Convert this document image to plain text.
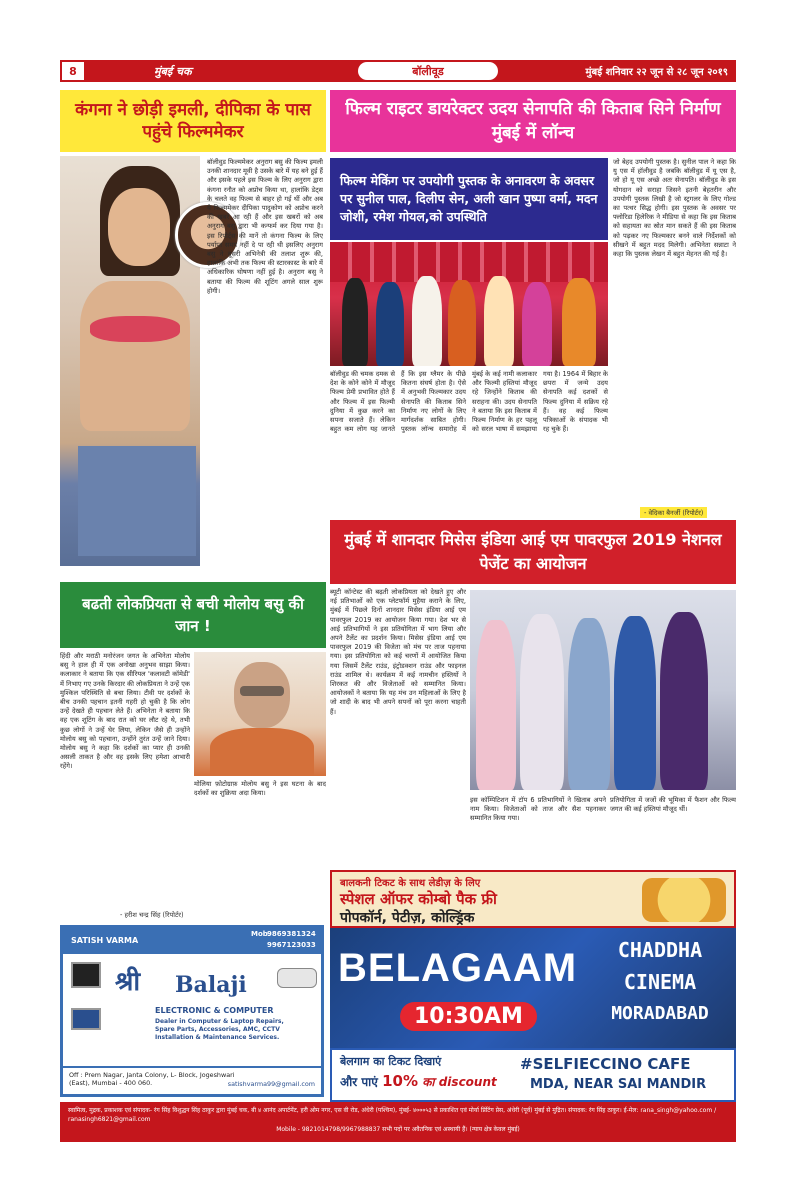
8	मुंबई चक	बॉलीवूड	मुंबई शनिवार २२ जून से २८ जून २०१९
कंगना ने छोड़ी इमली, दीपिका के पास पहुंचे फिल्ममेकर
बॉलीवुड फिल्ममेकर अनुराग बसु की फिल्म इमली उनकी शानदार मूवी है उसके बारे में यह बने हुई हैं और इसके पहले इस फिल्म के लिए अनुराग द्वारा कंगना रनौत को अप्रोच किया था, हालांकि डेट्स के चलते वह फिल्म से बाहर हो गई थीं और अब ये फिल्ममेकर दीपिका पादुकोण को अप्रोच करने की खबरें आ रही हैं और इस खबरों को अब अनुराग बसु द्वारा भी कन्फर्म कर दिया गया है। इस रिपोर्ट्स की मानें तो कंगना फिल्म के लिए पर्याप्त समय नहीं दे पा रही थी इसलिए अनुराग बसु ने दूसरी अभिनेत्री की तलाश शुरू की, हालांकि अभी तक फिल्म की स्टारकास्ट के बारे में अधिकारिक घोषणा नहीं हुई है। अनुराग बसु ने बताया की फिल्म की शूटिंग अगले साल शुरू होगी।
फिल्म राइटर डायरेक्टर उदय सेनापति की किताब सिने निर्माण मुंबई में लॉन्च
फिल्म मेकिंग पर उपयोगी पुस्तक के अनावरण के अवसर पर सुनील पाल, दिलीप सेन, अली खान पुष्पा वर्मा, मदन जोशी, रमेश गोयल,को उपस्थिति
जो बेहद उपयोगी पुस्तक है। सुनील पाल ने कहा कि यु एस में हॉलीवुड है जबकि बॉलीवुड में यू एस है, जो हो यू एस अच्छे अतः सेनापति। बॉलीवुड के इस योगदान को सराहा जिसने इतनी बेहतरीन और उपयोगी पुस्तक लिखी है जो स्ट्रगलर के लिए गोल्ड का पत्थर सिद्ध होगी। इस पुस्तक के अवसर पर फ्लोरिडा हिलेरिक ने मीडिया से कहा कि इस किताब को सहायता का स्रोत मान सकते हैं की इस किताब को पढ़कर नए फिल्मकार बनने वाले निर्देशकों को सीखने में बहुत मदद मिलेगी। अभिनेता सन्नाटा ने कहा कि पुस्तक लेखन में बहुत मेहनत की गई है।
- वेदिका बैनर्जी (रिपोर्टर)
बॉलीवुड की चमक दमक से देश के कोने कोने में मौजूद फिल्म प्रेमी प्रभावित होते हैं और फिल्म में इस फिल्मी दुनिया में कुछ करने का सपना सजाते हैं। लेकिन बहुत कम लोग यह जानते हैं कि इस ग्लैमर के पीछे कितना संघर्ष होता है। ऐसे में अनुभवी फिल्मकार उदय सेनापति की किताब सिने निर्माण नए लोगों के लिए मार्गदर्शक साबित होगी। पुस्तक लॉन्च समारोह में मुंबई के कई नामी कलाकार और फिल्मी हस्तियां मौजूद रहे जिन्होंने किताब की सराहना की। उदय सेनापति ने बताया कि इस किताब में फिल्म निर्माण के हर पहलू को सरल भाषा में समझाया गया है। 1964 में बिहार के छपरा में जन्मे उदय सेनापति कई दशकों से फिल्म दुनिया में सक्रिय रहे हैं। वह कई फिल्म पत्रिकाओं के संपादक भी रह चुके हैं।
मुंबई में शानदार मिसेस इंडिया आई एम पावरफुल 2019 नेशनल पेजेंट का आयोजन
ब्यूटी कॉन्टेस्ट की बढ़ती लोकप्रियता को देखते हुए और नई प्रतिभाओं को एक प्लेटफॉर्म मुहैया कराने के लिए, मुंबई में पिछले दिनों शानदार मिसेस इंडिया आई एम पावरफुल 2019 का आयोजन किया गया। देश भर से आई प्रतिभागियों ने इस प्रतियोगिता में भाग लिया और अपने टैलेंट का प्रदर्शन किया। मिसेस इंडिया आई एम पावरफुल 2019 की विजेता को मंच पर ताज पहनाया गया। इस प्रतियोगिता को कई चरणों में आयोजित किया गया जिसमें टैलेंट राउंड, इंट्रोडक्शन राउंड और फाइनल राउंड शामिल थे। कार्यक्रम में कई नामचीन हस्तियों ने शिरकत की और विजेताओं को सम्मानित किया। आयोजकों ने बताया कि यह मंच उन महिलाओं के लिए है जो शादी के बाद भी अपने सपनों को पूरा करना चाहती हैं।
इस कॉम्पिटिशन में टॉप 6 प्रतिभागियों ने खिताब अपने नाम किया। विजेताओं को ताज और सैश पहनाकर सम्मानित किया गया।
प्रतियोगिता में जजों की भूमिका में फैशन और फिल्म जगत की कई हस्तियां मौजूद थीं।
बढती लोकप्रियता से बची मोलोय बसु की जान !
हिंदी और मराठी मनोरंजन जगत के अभिनेता मोलोय बसु ने हाल ही में एक अनोखा अनुभव साझा किया। कलाकार ने बताया कि एक सीरियल 'कलावटी कॉमेडी' में निभाए गए उनके किरदार की लोकप्रियता ने उन्हें एक मुश्किल परिस्थिति से बचा लिया। टीवी पर दर्शकों के बीच उनकी पहचान इतनी गहरी हो चुकी है कि लोग उन्हें देखते ही पहचान लेते हैं। अभिनेता ने बताया कि वह एक शूटिंग के बाद रात को घर लौट रहे थे, तभी कुछ लोगों ने उन्हें घेर लिया, लेकिन जैसे ही उन्होंने मोलोय बसु को पहचाना, उन्होंने तुरंत उन्हें जाने दिया। मोलोय बसु ने कहा कि दर्शकों का प्यार ही उनकी असली ताकत है और वह इसके लिए हमेशा आभारी रहेंगे।
मोलिया फ़ोटोग्राफ़ मोलोय बसु ने इस घटना के बाद दर्शकों का शुक्रिया अदा किया।
- हरीश चन्द्र सिंह (रिपोर्टर)
SATISH VARMA
Mob.
9869381324
9967123033
श्री Balaji
ELECTRONIC & COMPUTER
Dealer in Computer & Laptop Repairs, Spare Parts, Accessories, AMC, CCTV Installation & Maintenance Services.
Off : Prem Nagar, Janta Colony, L- Block, Jogeshwari (East), Mumbai - 400 060.	satishvarma99@gmail.com
बालकनी टिकट के साथ लेडीज़ के लिए
स्पेशल ऑफर कोम्बो पैक फ्री
पोपकॉर्न, पेटीज़, कोल्ड्रिंक
BELAGAAM
10:30AM
CHADDHA
CINEMA
MORADABAD
बेलगाम का टिकट दिखाएं
और पाएं 10% का discount
#SELFIECCINO CAFE
MDA, NEAR SAI MANDIR
स्वामित्व, मुद्रक, प्रकाशक एवं संपादक- रंग सिंह विशुद्धन सिंह ठाकुर द्वारा मुंबई चक, बी ४ आनंद अपार्टमेंट, हरी ओम नगर, एस वी रोड, अंधेरी (पश्चिम), मुंबई- ४०००५३ से प्रकाशित एवं मोर्या प्रिंटिंग प्रेस, अंधेरी (पूर्व) मुंबई से मुद्रित। संपादक: रंग सिंह ठाकुर। ई-मेल: rana_singh@yahoo.com / ranasingh6821@gmail.com
Mobile - 9821014798/9967988837 सभी पदों पर अवैतनिक एवं अस्थायी हैं। (न्याय क्षेत्र केवल मुंबई)
